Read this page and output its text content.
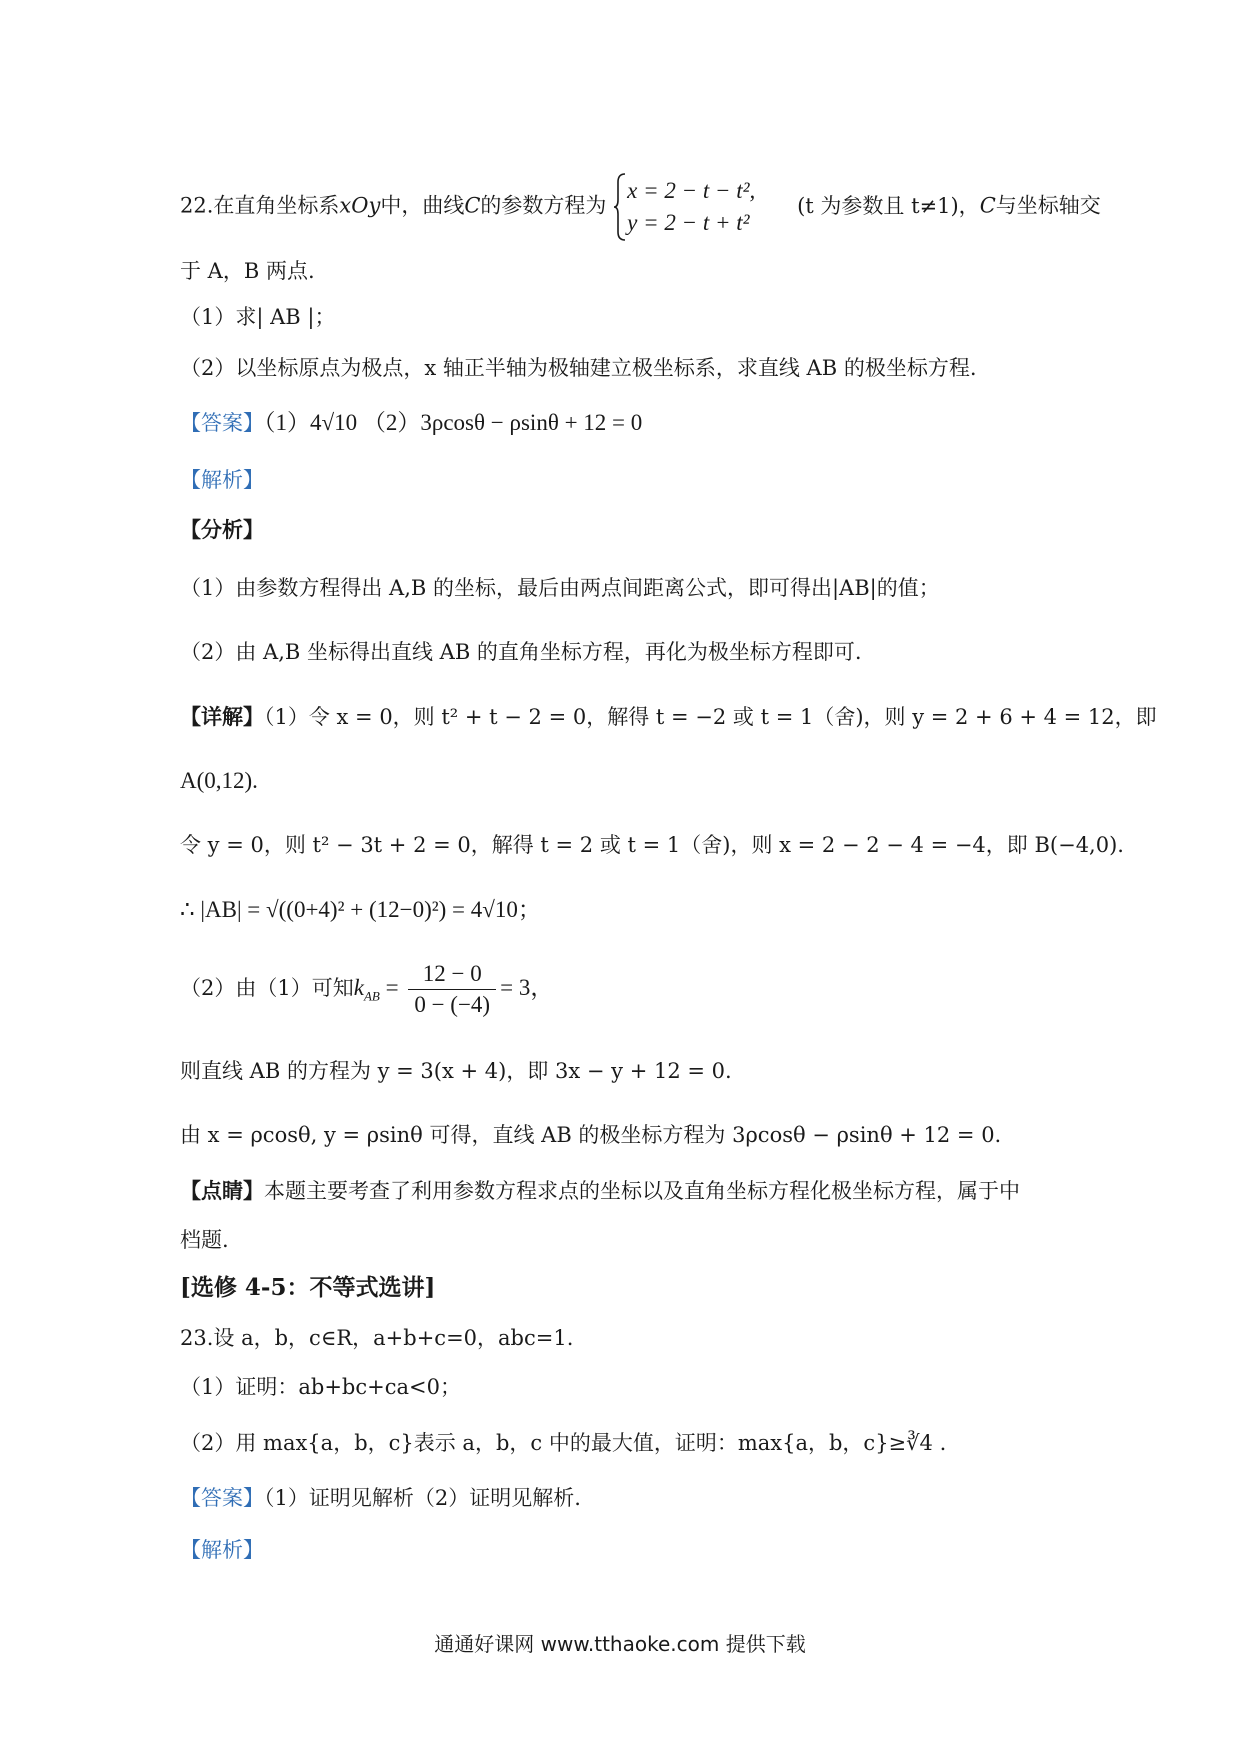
22.在直角坐标系xOy中，曲线C的参数方程为
x = 2 − t − t²,
y = 2 − t + t²
(t 为参数且 t≠1)，C与坐标轴交
于 A，B 两点.
（1）求| AB |；
（2）以坐标原点为极点，x 轴正半轴为极轴建立极坐标系，求直线 AB 的极坐标方程.
【答案】（1）4√10 （2）3ρcosθ − ρsinθ + 12 = 0
【解析】
【分析】
（1）由参数方程得出 A,B 的坐标，最后由两点间距离公式，即可得出|AB|的值；
（2）由 A,B 坐标得出直线 AB 的直角坐标方程，再化为极坐标方程即可.
【详解】（1）令 x = 0，则 t² + t − 2 = 0，解得 t = −2 或 t = 1（舍)，则 y = 2 + 6 + 4 = 12，即
A(0,12).
令 y = 0，则 t² − 3t + 2 = 0，解得 t = 2 或 t = 1（舍)，则 x = 2 − 2 − 4 = −4，即 B(−4,0).
∴ |AB| = √((0+4)² + (12−0)²) = 4√10；
（2）由（1）可知$k_{AB} = \frac{12 - 0}{0 - (-4)} = 3$，
则直线 AB 的方程为 y = 3(x + 4)，即 3x − y + 12 = 0.
由 x = ρcosθ, y = ρsinθ 可得，直线 AB 的极坐标方程为 3ρcosθ − ρsinθ + 12 = 0.
【点睛】本题主要考查了利用参数方程求点的坐标以及直角坐标方程化极坐标方程，属于中
档题.
[选修 4-5：不等式选讲]
23.设 a，b，c∈R，a+b+c=0，abc=1.
（1）证明：ab+bc+ca<0；
（2）用 max{a，b，c}表示 a，b，c 中的最大值，证明：max{a，b，c}≥∛4 .
【答案】（1）证明见解析（2）证明见解析.
【解析】
通通好课网 www.tthaoke.com 提供下载
